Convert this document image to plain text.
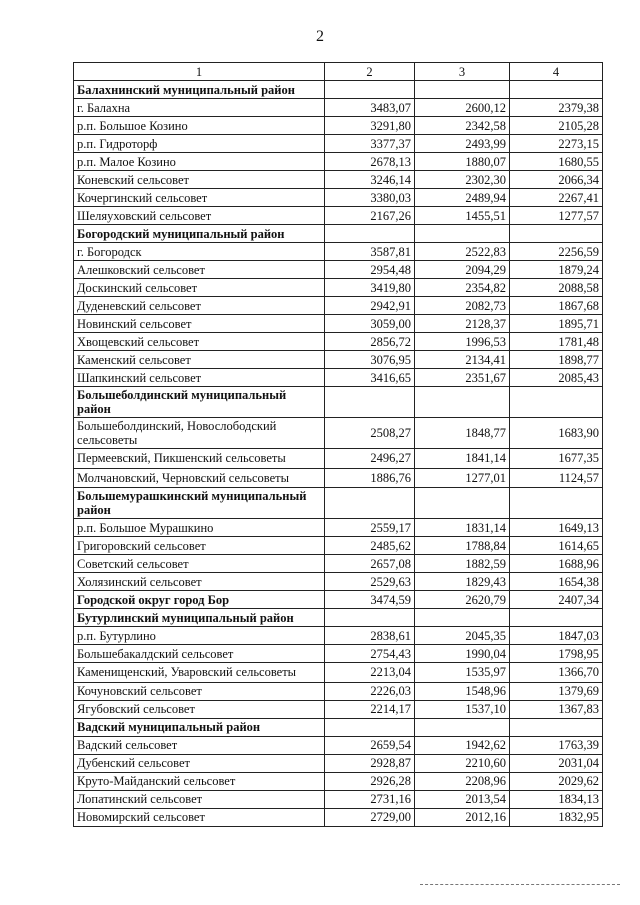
2
1	2	3	4
Балахнинский муниципальный район			
г. Балахна	3483,07	2600,12	2379,38
р.п. Большое Козино	3291,80	2342,58	2105,28
р.п. Гидроторф	3377,37	2493,99	2273,15
р.п. Малое Козино	2678,13	1880,07	1680,55
Коневский сельсовет	3246,14	2302,30	2066,34
Кочергинский сельсовет	3380,03	2489,94	2267,41
Шеляуховский сельсовет	2167,26	1455,51	1277,57
Богородский муниципальный район			
г. Богородск	3587,81	2522,83	2256,59
Алешковский сельсовет	2954,48	2094,29	1879,24
Доскинский сельсовет	3419,80	2354,82	2088,58
Дуденевский сельсовет	2942,91	2082,73	1867,68
Новинский сельсовет	3059,00	2128,37	1895,71
Хвощевский сельсовет	2856,72	1996,53	1781,48
Каменский сельсовет	3076,95	2134,41	1898,77
Шапкинский сельсовет	3416,65	2351,67	2085,43
Большеболдинский муниципальный район			
Большеболдинский, Новослободский сельсоветы	2508,27	1848,77	1683,90
Пермеевский, Пикшенский сельсоветы	2496,27	1841,14	1677,35
Молчановский, Черновский сельсоветы	1886,76	1277,01	1124,57
Большемурашкинский муниципальный район			
р.п. Большое Мурашкино	2559,17	1831,14	1649,13
Григоровский сельсовет	2485,62	1788,84	1614,65
Советский сельсовет	2657,08	1882,59	1688,96
Холязинский сельсовет	2529,63	1829,43	1654,38
Городской округ город Бор	3474,59	2620,79	2407,34
Бутурлинский муниципальный район			
р.п. Бутурлино	2838,61	2045,35	1847,03
Большебакалдский сельсовет	2754,43	1990,04	1798,95
Каменищенский, Уваровский сельсоветы	2213,04	1535,97	1366,70
Кочуновский сельсовет	2226,03	1548,96	1379,69
Ягубовский сельсовет	2214,17	1537,10	1367,83
Вадский муниципальный район			
Вадский сельсовет	2659,54	1942,62	1763,39
Дубенский сельсовет	2928,87	2210,60	2031,04
Круто-Майданский сельсовет	2926,28	2208,96	2029,62
Лопатинский сельсовет	2731,16	2013,54	1834,13
Новомирский сельсовет	2729,00	2012,16	1832,95
